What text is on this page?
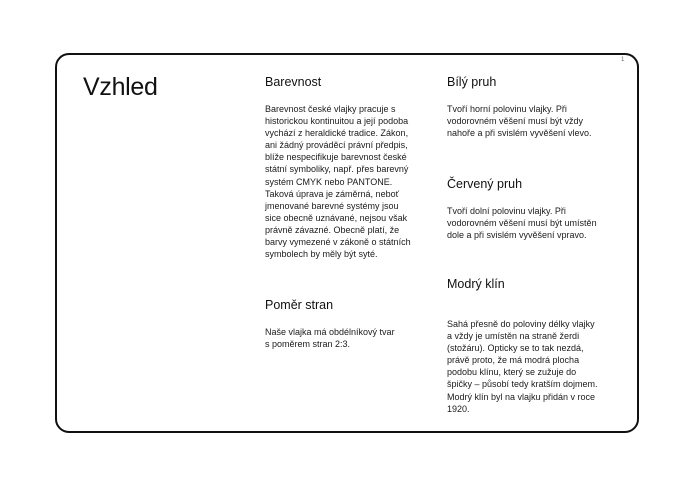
1
Vzhled	Barevnost
Barevnost české vlajky pracuje s
historickou kontinuitou a její podoba
vychází z heraldické tradice. Zákon,
ani žádný prováděcí právní předpis,
blíže nespecifikuje barevnost české
státní symboliky, např. přes barevný
systém CMYK nebo PANTONE.
Taková úprava je záměrná, neboť
jmenované barevné systémy jsou
sice obecně uznávané, nejsou však
právně závazné. Obecně platí, že
barvy vymezené v zákoně o státních
symbolech by měly být syté.
Poměr stran
Naše vlajka má obdélníkový tvar
s poměrem stran 2:3.
Bílý pruh
Tvoří horní polovinu vlajky. Při
vodorovném věšení musí být vždy
nahoře a při svislém vyvěšení vlevo.
Červený pruh
Tvoří dolní polovinu vlajky. Při
vodorovném věšení musí být umístěn
dole a při svislém vyvěšení vpravo.
Modrý klín
Sahá přesně do poloviny délky vlajky
a vždy je umístěn na straně žerdi
(stožáru). Opticky se to tak nezdá,
právě proto, že má modrá plocha
podobu klínu, který se zužuje do
špičky – působí tedy kratším dojmem.
Modrý klín byl na vlajku přidán v roce
1920.
